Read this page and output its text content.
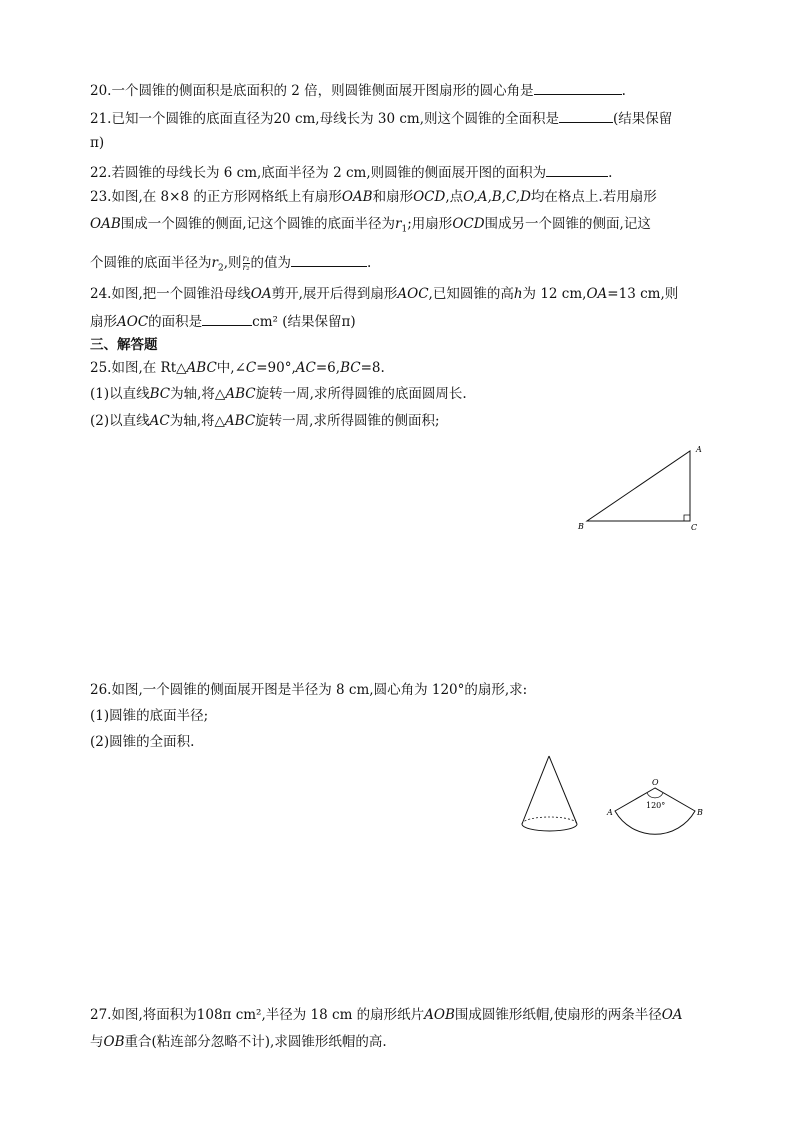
20.一个圆锥的侧面积是底面积的 2 倍，则圆锥侧面展开图扇形的圆心角是	.
21.已知一个圆锥的底面直径为20 cm,母线长为 30 cm,则这个圆锥的全面积是	(结果保留
π)
22.若圆锥的母线长为 6 cm,底面半径为 2 cm,则圆锥的侧面展开图的面积为	.
23.如图,在 8×8 的正方形网格纸上有扇形OAB和扇形OCD,点O,A,B,C,D均在格点上.若用扇形
OAB围成一个圆锥的侧面,记这个圆锥的底面半径为$r_1$;用扇形OCD围成另一个圆锥的侧面,记这
个圆锥的底面半径为$r_2$,则 $\frac{\text{r₁}}{\text{r₂}}$ 的值为	.
24.如图,把一个圆锥沿母线OA剪开,展开后得到扇形AOC,已知圆锥的高h为 12 cm,OA=13 cm,则
扇形AOC的面积是	cm² (结果保留π)
三、解答题
25.如图,在 Rt△ABC中,∠C=90°,AC=6,BC=8.
(1)以直线BC为轴,将△ABC旋转一周,求所得圆锥的底面圆周长.
(2)以直线AC为轴,将△ABC旋转一周,求所得圆锥的侧面积;
A
B	C
26.如图,一个圆锥的侧面展开图是半径为 8 cm,圆心角为 120°的扇形,求:
(1)圆锥的底面半径;
(2)圆锥的全面积.
O
A	B
120°
27.如图,将面积为108π cm²,半径为 18 cm 的扇形纸片AOB围成圆锥形纸帽,使扇形的两条半径OA
与OB重合(粘连部分忽略不计),求圆锥形纸帽的高.
